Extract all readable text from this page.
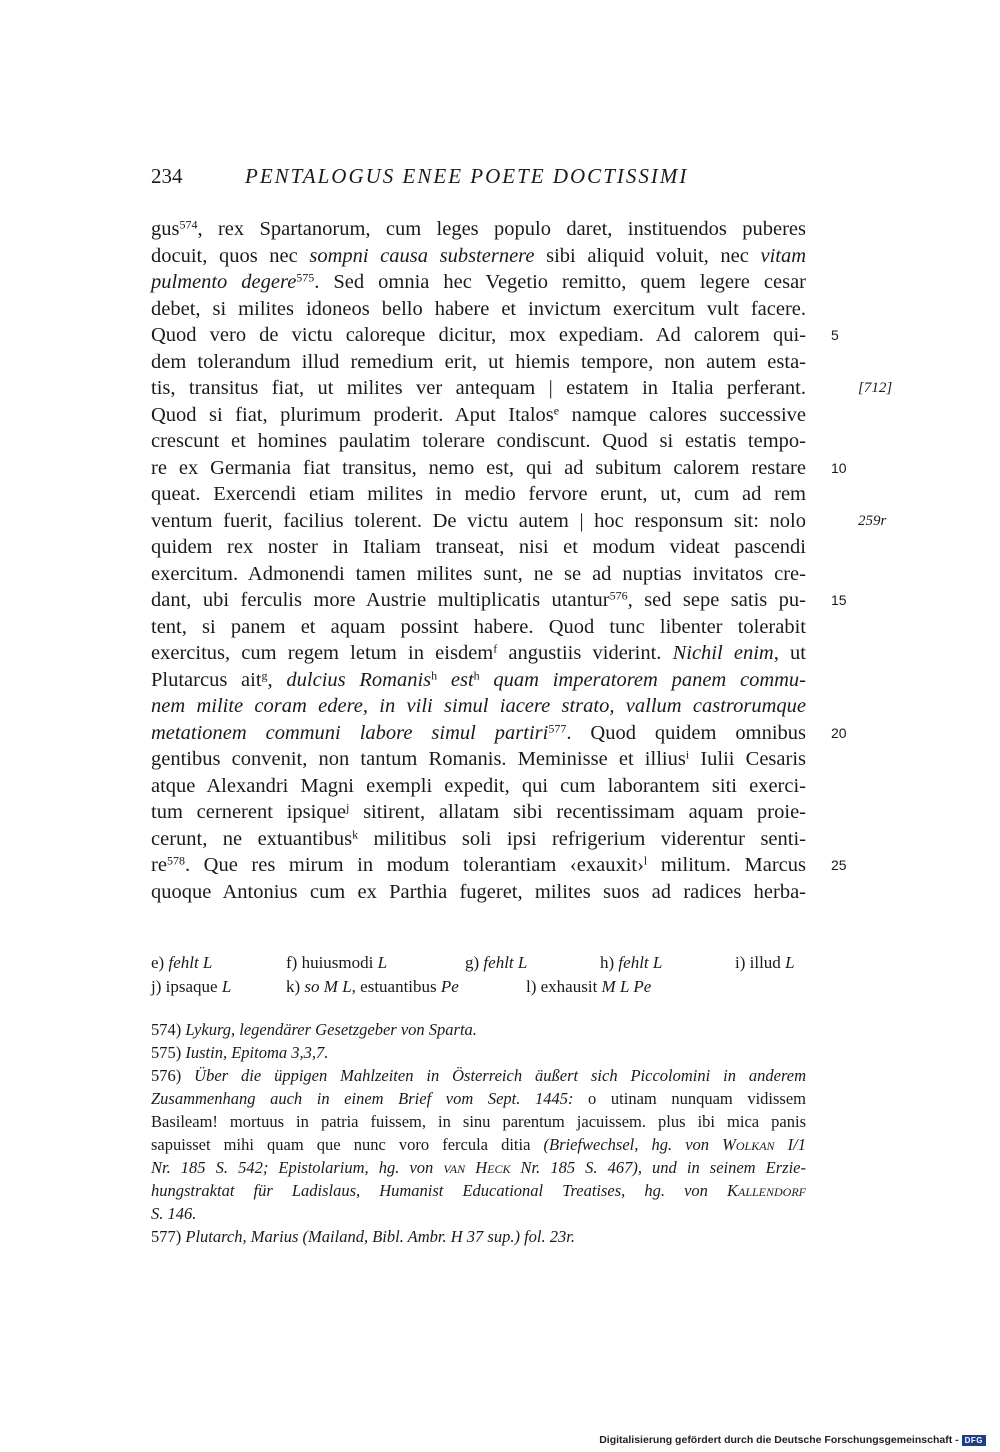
234	PENTALOGUS ENEE POETE DOCTISSIMI
gus$^{574}$, rex Spartanorum, cum leges populo daret, instituendos puberes
docuit, quos nec sompni causa substernere sibi aliquid voluit, nec vitam
pulmento degere$^{575}$. Sed omnia hec Vegetio remitto, quem legere cesar
debet, si milites idoneos bello habere et invictum exercitum vult facere.
Quod vero de victu caloreque dicitur, mox expediam. Ad calorem qui- 5
dem tolerandum illud remedium erit, ut hiemis tempore, non autem esta-
tis, transitus fiat, ut milites ver antequam | estatem in Italia perferant.	[712]
Quod si fiat, plurimum proderit. Aput Italos$^e$ namque calores successive
crescunt et homines paulatim tolerare condiscunt. Quod si estatis tempo-
re ex Germania fiat transitus, nemo est, qui ad subitum calorem restare 10
queat. Exercendi etiam milites in medio fervore erunt, ut, cum ad rem
ventum fuerit, facilius tolerent. De victu autem | hoc responsum sit: nolo	259r
quidem rex noster in Italiam transeat, nisi et modum videat pascendi
exercitum. Admonendi tamen milites sunt, ne se ad nuptias invitatos cre-
dant, ubi ferculis more Austrie multiplicatis utantur$^{576}$, sed sepe satis pu- 15
tent, si panem et aquam possint habere. Quod tunc libenter tolerabit
exercitus, cum regem letum in eisdem$^f$ angustiis viderint. Nichil enim, ut
Plutarcus ait$^g$, dulcius Romanis$^h$ est$^h$ quam imperatorem panem commu-
nem milite coram edere, in vili simul iacere strato, vallum castrorumque
metationem communi labore simul partiri$^{577}$. Quod quidem omnibus 20
gentibus convenit, non tantum Romanis. Meminisse et illius$^i$ Iulii Cesaris
atque Alexandri Magni exempli expedit, qui cum laborantem siti exerci-
tum cernerent ipsique$^j$ sitirent, allatam sibi recentissimam aquam proie-
cerunt, ne extuantibus$^k$ militibus soli ipsi refrigerium viderentur senti-
$re^{578}$. Que res mirum in modum tolerantiam ‹exauxit›$^l$ militum. Marcus 25
quoque Antonius cum ex Parthia fugeret, milites suos ad radices herba-
e) fehlt L	f) huiusmodi L	g) fehlt L	h) fehlt L	i) illud L
j) ipsaque L	k) so M L, estuantibus Pe	l) exhausit M L Pe
574) Lykurg, legendärer Gesetzgeber von Sparta.
575) Iustin, Epitoma 3,3,7.
576) Über die üppigen Mahlzeiten in Österreich äußert sich Piccolomini in anderem
Zusammenhang auch in einem Brief vom Sept. 1445: o utinam nunquam vidissem
Basileam! mortuus in patria fuissem, in sinu parentum jacuissem. plus ibi mica panis
sapuisset mihi quam que nunc voro fercula ditia (Briefwechsel, hg. von Wolkan I/1
Nr. 185 S. 542; Epistolarium, hg. von van Heck Nr. 185 S. 467), und in seinem Erzie-
hungstraktat für Ladislaus, Humanist Educational Treatises, hg. von Kallendorf
S. 146.
577) Plutarch, Marius (Mailand, Bibl. Ambr. H 37 sup.) fol. 23r.
Digitalisierung gefördert durch die Deutsche Forschungsgemeinschaft - DFG
